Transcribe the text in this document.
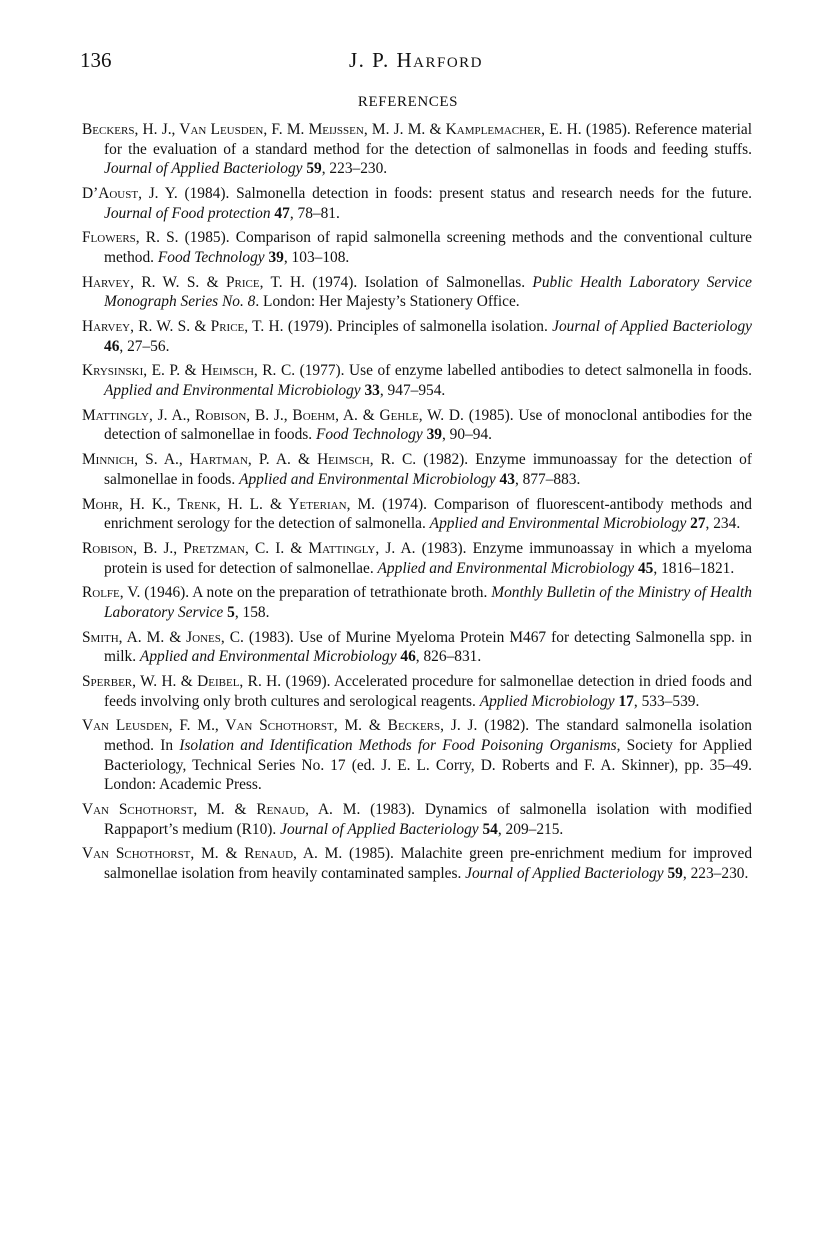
136	J. P. Harford
REFERENCES
Beckers, H. J., Van Leusden, F. M. Meijssen, M. J. M. & Kamplemacher, E. H. (1985). Reference material for the evaluation of a standard method for the detection of salmonellas in foods and feeding stuffs. Journal of Applied Bacteriology 59, 223–230.
D’Aoust, J. Y. (1984). Salmonella detection in foods: present status and research needs for the future. Journal of Food protection 47, 78–81.
Flowers, R. S. (1985). Comparison of rapid salmonella screening methods and the conventional culture method. Food Technology 39, 103–108.
Harvey, R. W. S. & Price, T. H. (1974). Isolation of Salmonellas. Public Health Laboratory Service Monograph Series No. 8. London: Her Majesty’s Stationery Office.
Harvey, R. W. S. & Price, T. H. (1979). Principles of salmonella isolation. Journal of Applied Bacteriology 46, 27–56.
Krysinski, E. P. & Heimsch, R. C. (1977). Use of enzyme labelled antibodies to detect salmonella in foods. Applied and Environmental Microbiology 33, 947–954.
Mattingly, J. A., Robison, B. J., Boehm, A. & Gehle, W. D. (1985). Use of monoclonal antibodies for the detection of salmonellae in foods. Food Technology 39, 90–94.
Minnich, S. A., Hartman, P. A. & Heimsch, R. C. (1982). Enzyme immunoassay for the detection of salmonellae in foods. Applied and Environmental Microbiology 43, 877–883.
Mohr, H. K., Trenk, H. L. & Yeterian, M. (1974). Comparison of fluorescent-antibody methods and enrichment serology for the detection of salmonella. Applied and Environmental Microbiology 27, 234.
Robison, B. J., Pretzman, C. I. & Mattingly, J. A. (1983). Enzyme immunoassay in which a myeloma protein is used for detection of salmonellae. Applied and Environmental Microbiology 45, 1816–1821.
Rolfe, V. (1946). A note on the preparation of tetrathionate broth. Monthly Bulletin of the Ministry of Health Laboratory Service 5, 158.
Smith, A. M. & Jones, C. (1983). Use of Murine Myeloma Protein M467 for detecting Salmonella spp. in milk. Applied and Environmental Microbiology 46, 826–831.
Sperber, W. H. & Deibel, R. H. (1969). Accelerated procedure for salmonellae detection in dried foods and feeds involving only broth cultures and serological reagents. Applied Microbiology 17, 533–539.
Van Leusden, F. M., Van Schothorst, M. & Beckers, J. J. (1982). The standard salmonella isolation method. In Isolation and Identification Methods for Food Poisoning Organisms, Society for Applied Bacteriology, Technical Series No. 17 (ed. J. E. L. Corry, D. Roberts and F. A. Skinner), pp. 35–49. London: Academic Press.
Van Schothorst, M. & Renaud, A. M. (1983). Dynamics of salmonella isolation with modified Rappaport’s medium (R10). Journal of Applied Bacteriology 54, 209–215.
Van Schothorst, M. & Renaud, A. M. (1985). Malachite green pre-enrichment medium for improved salmonellae isolation from heavily contaminated samples. Journal of Applied Bacteriology 59, 223–230.
